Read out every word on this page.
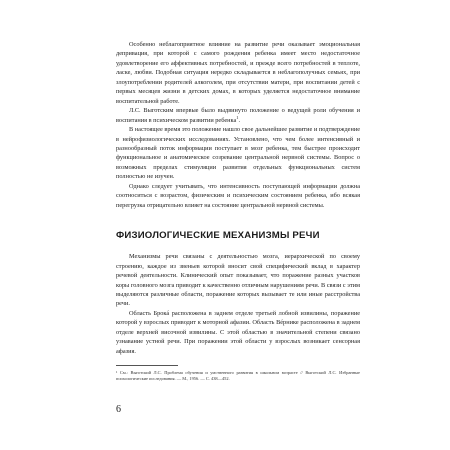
Особенно неблагоприятное влияние на развитие речи оказывает эмоциональная депривация, при которой с самого рождения ребенка имеет место недостаточное удовлетворение его аффективных потребностей, и прежде всего потребностей в теплоте, ласке, любви. Подобная ситуация нередко складывается в неблагополучных семьях, при злоупотреблении родителей алкоголем, при отсутствии матери, при воспитании детей с первых месяцев жизни в детских домах, в которых уделяется недостаточное внимание воспитательной работе.

Л.С. Выготским впервые было выдвинуто положение о ведущей роли обучения и воспитания в психическом развитии ребенка$^1$.

В настоящее время это положение нашло свое дальнейшее развитие и подтверждение в нейрофизиологических исследованиях. Установлено, что чем более интенсивный и разнообразный поток информации поступает в мозг ребенка, тем быстрее происходит функциональное и анатомическое созревание центральной нервной системы. Вопрос о возможных пределах стимуляции развития отдельных функциональных систем полностью не изучен.

Однако следует учитывать, что интенсивность поступающей информации должна соотноситься с возрастом, физическим и психическим состоянием ребенка, ибо всякая перегрузка отрицательно влияет на состояние центральной нервной системы.

ФИЗИОЛОГИЧЕСКИЕ МЕХАНИЗМЫ РЕЧИ

Механизмы речи связаны с деятельностью мозга, иерархической по своему строению, каждое из звеньев которой вносит свой специфический вклад в характер речевой деятельности. Клинический опыт показывает, что поражение разных участков коры головного мозга приводит к качественно отличным нарушениям речи. В связи с этим выделяются различные области, поражение которых вызывает те или иные расстройства речи.

Область Брокá расположена в заднем отделе третьей лобной извилины, поражение которой у взрослых приводит к моторной афазии. Область Вéрнике расположена в заднем отделе верхней височной извилины. С этой областью в значительной степени связано узнавание устной речи. При поражении этой области у взрослых возникает сенсорная афазия.

¹ См.: Выготский Л.С. Проблема обучения и умственного развития в школьном возрасте // Выготский Л.С. Избранные психологические исследования. — М., 1956. — С. 438—452.

6
